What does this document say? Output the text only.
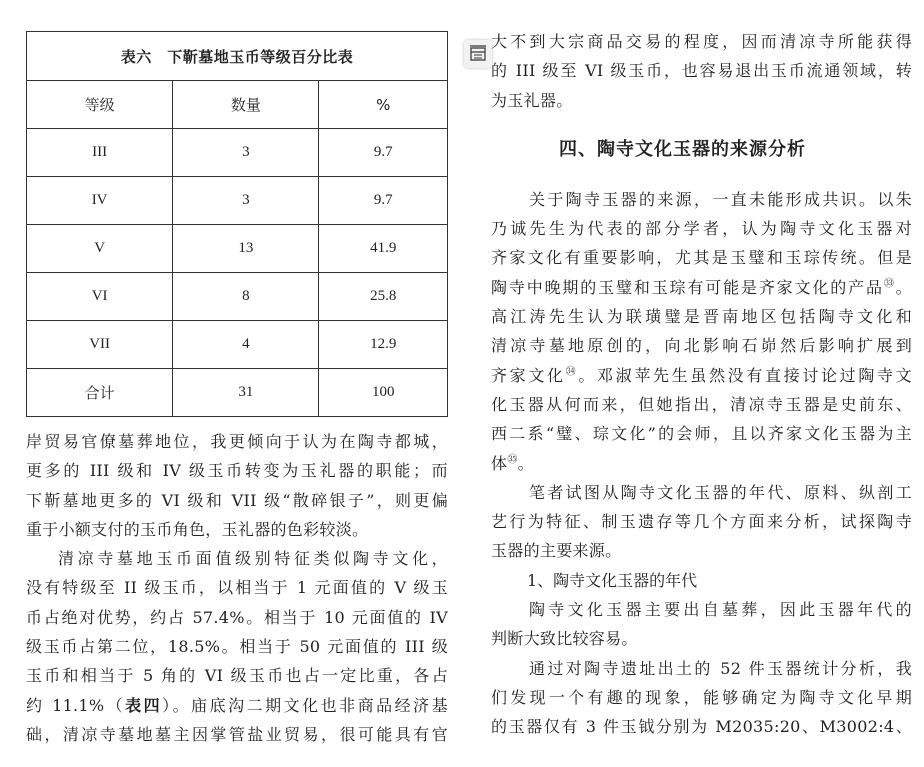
表六　下靳墓地玉币等级百分比表		
等级	数量	%
III	3	9.7
IV	3	9.7
V	13	41.9
VI	8	25.8
VII	4	12.9
合计	31	100

岸贸易官僚墓葬地位，我更倾向于认为在陶寺都城，

更多的 III 级和 IV 级玉币转变为玉礼器的职能；而

下靳墓地更多的 VI 级和 VII 级“散碎银子”，则更偏

重于小额支付的玉币角色，玉礼器的色彩较淡。

清凉寺墓地玉币面值级别特征类似陶寺文化，

没有特级至 II 级玉币，以相当于 1 元面值的 V 级玉

币占绝对优势，约占 57.4%。相当于 10 元面值的 IV

级玉币占第二位，18.5%。相当于 50 元面值的 III 级

玉币和相当于 5 角的 VI 级玉币也占一定比重，各占

约 11.1%（表四）。庙底沟二期文化也非商品经济基

础，清凉寺墓地墓主因掌管盐业贸易，很可能具有官

大不到大宗商品交易的程度，因而清凉寺所能获得

的 III 级至 VI 级玉币，也容易退出玉币流通领域，转

为玉礼器。

四、陶寺文化玉器的来源分析

关于陶寺玉器的来源，一直未能形成共识。以朱

乃诚先生为代表的部分学者，认为陶寺文化玉器对

齐家文化有重要影响，尤其是玉璧和玉琮传统。但是

陶寺中晚期的玉璧和玉琮有可能是齐家文化的产品$^㉝$。

高江涛先生认为联璜璧是晋南地区包括陶寺文化和

清凉寺墓地原创的，向北影响石峁然后影响扩展到

齐家文化$^㉞$。邓淑苹先生虽然没有直接讨论过陶寺文

化玉器从何而来，但她指出，清凉寺玉器是史前东、

西二系“璧、琮文化”的会师，且以齐家文化玉器为主

体$^㉟$。

笔者试图从陶寺文化玉器的年代、原料、纵剖工

艺行为特征、制玉遗存等几个方面来分析，试探陶寺

玉器的主要来源。

1、陶寺文化玉器的年代

陶寺文化玉器主要出自墓葬，因此玉器年代的

判断大致比较容易。

通过对陶寺遗址出土的 52 件玉器统计分析，我

们发现一个有趣的现象，能够确定为陶寺文化早期

的玉器仅有 3 件玉钺分别为 M2035:20、M3002:4、
